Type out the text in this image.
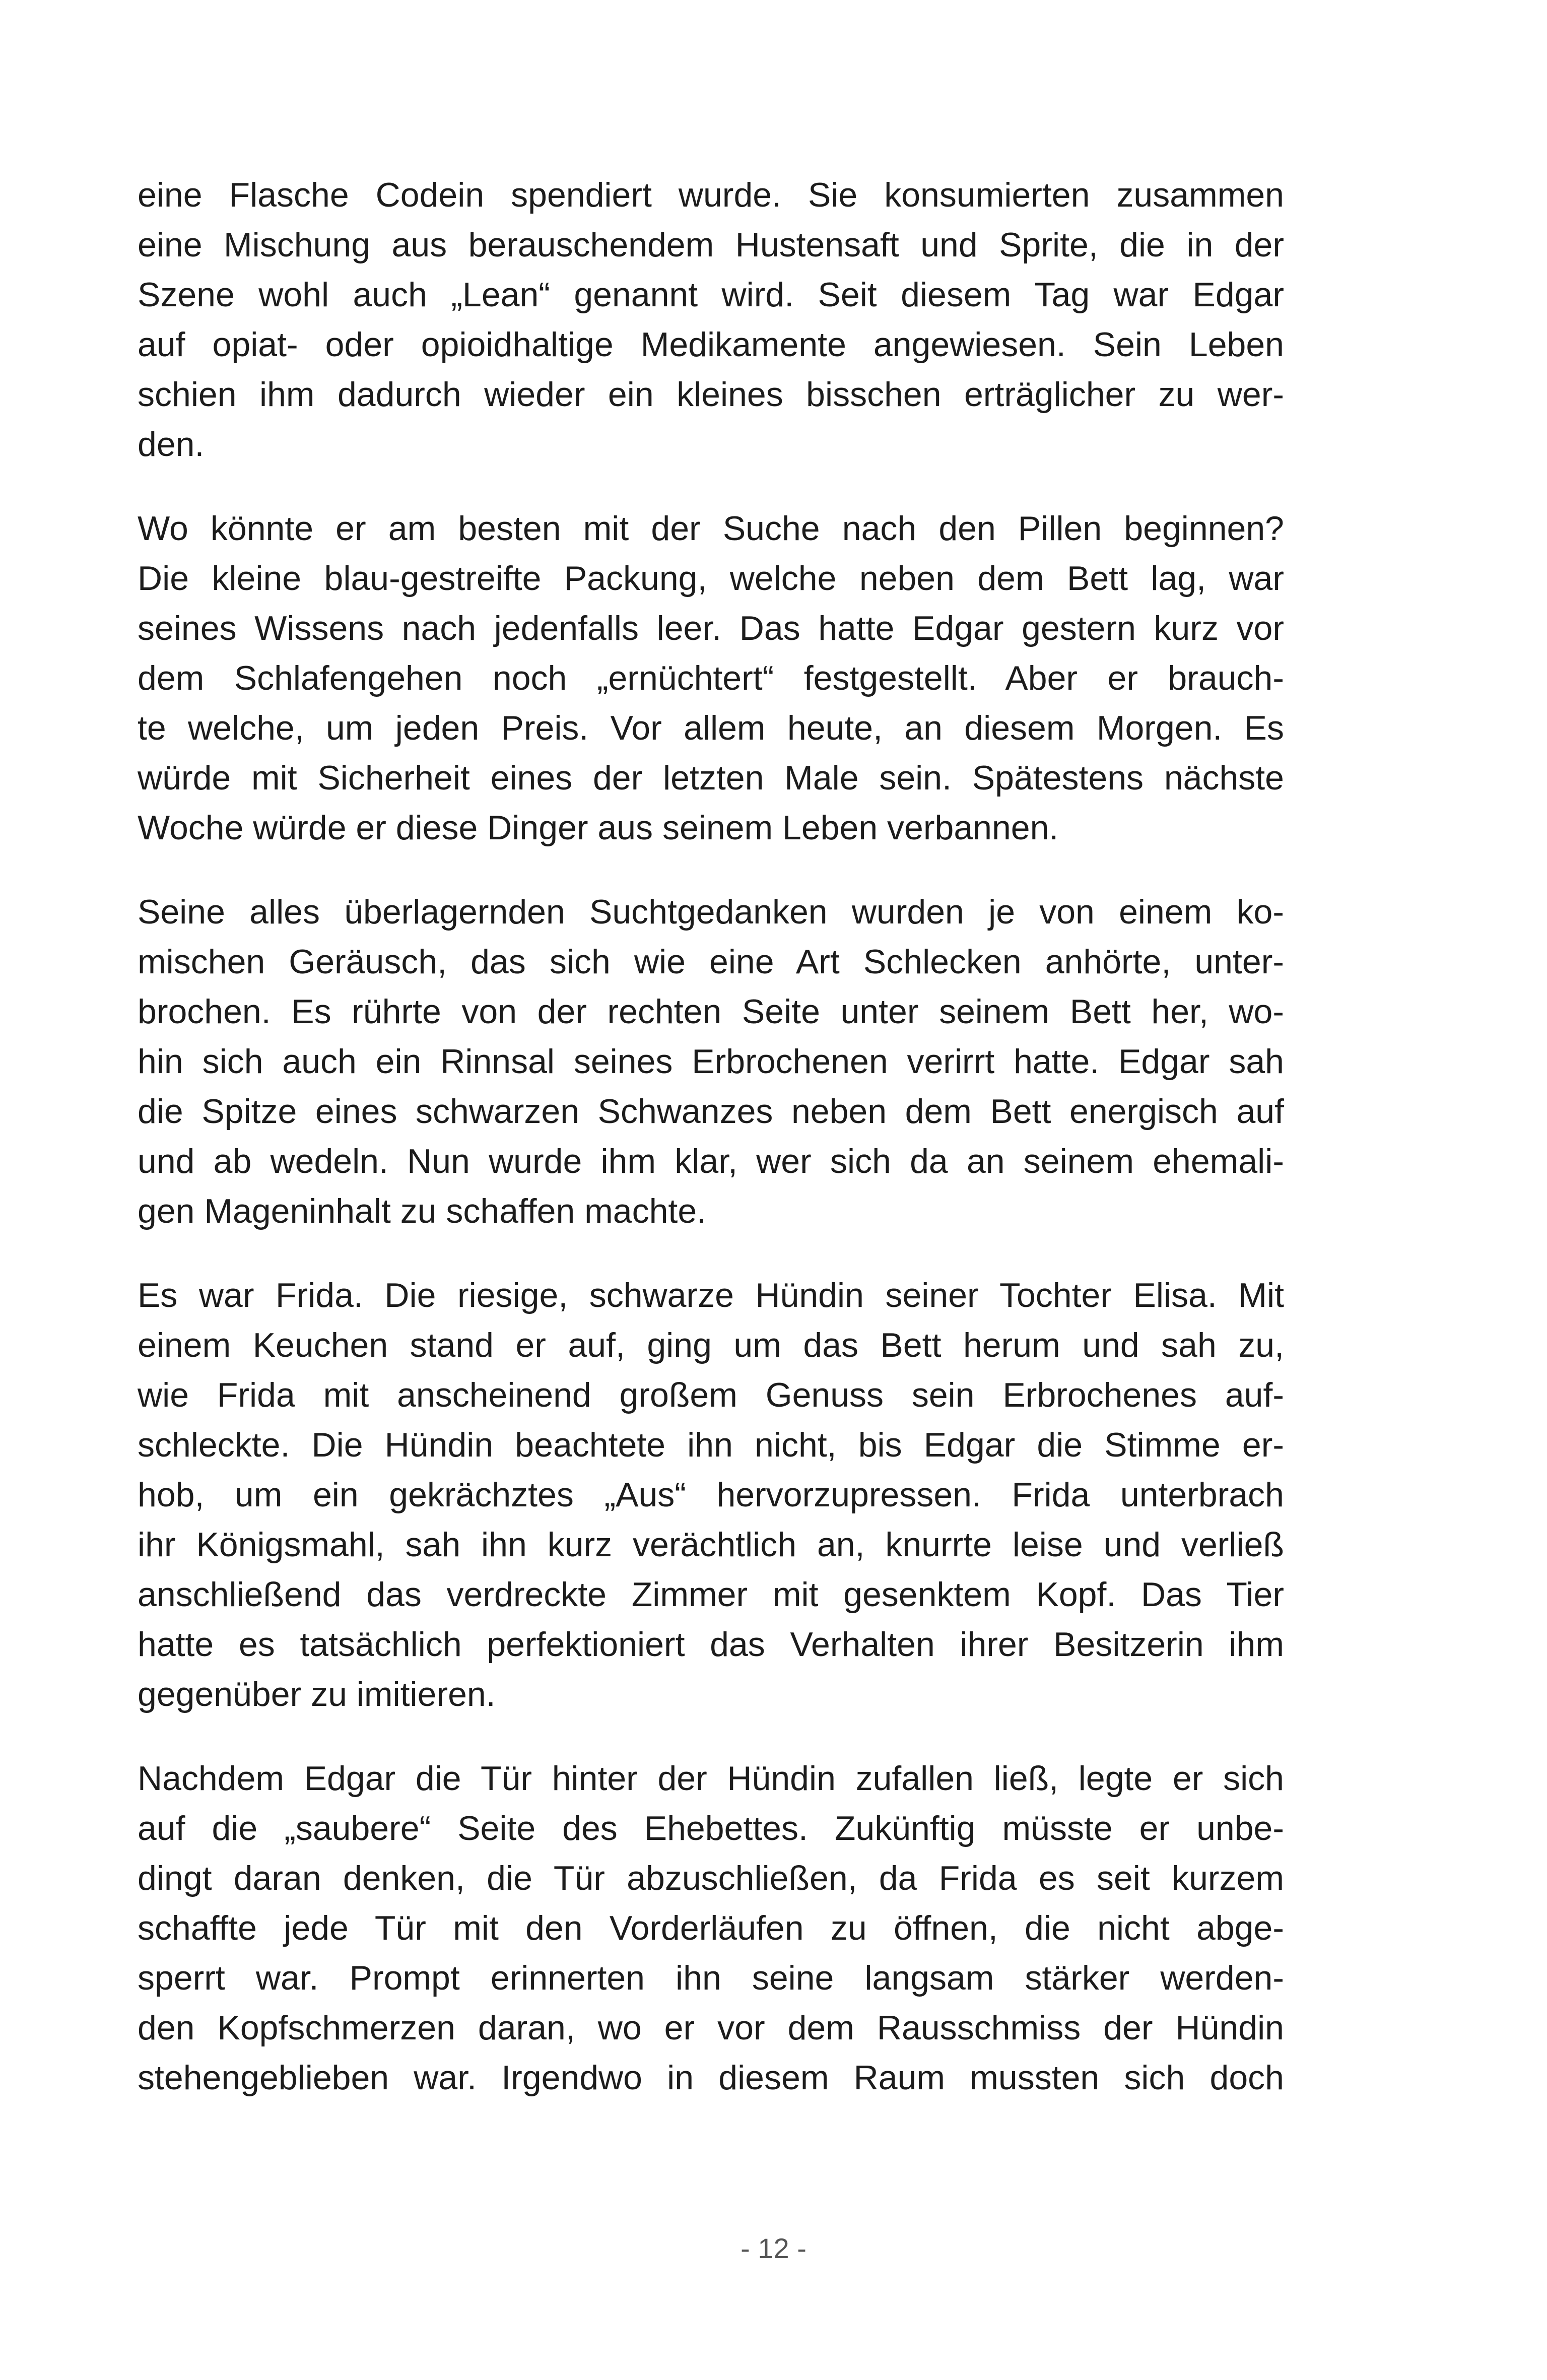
eine Flasche Codein spendiert wurde. Sie konsumierten zusammen
eine Mischung aus berauschendem Hustensaft und Sprite, die in der
Szene wohl auch „Lean“ genannt wird. Seit diesem Tag war Edgar
auf opiat- oder opioidhaltige Medikamente angewiesen. Sein Leben
schien ihm dadurch wieder ein kleines bisschen erträglicher zu wer-
den.
Wo könnte er am besten mit der Suche nach den Pillen beginnen?
Die kleine blau-gestreifte Packung, welche neben dem Bett lag, war
seines Wissens nach jedenfalls leer. Das hatte Edgar gestern kurz vor
dem Schlafengehen noch „ernüchtert“ festgestellt. Aber er brauch-
te welche, um jeden Preis. Vor allem heute, an diesem Morgen. Es
würde mit Sicherheit eines der letzten Male sein. Spätestens nächste
Woche würde er diese Dinger aus seinem Leben verbannen.
Seine alles überlagernden Suchtgedanken wurden je von einem ko-
mischen Geräusch, das sich wie eine Art Schlecken anhörte, unter-
brochen. Es rührte von der rechten Seite unter seinem Bett her, wo-
hin sich auch ein Rinnsal seines Erbrochenen verirrt hatte. Edgar sah
die Spitze eines schwarzen Schwanzes neben dem Bett energisch auf
und ab wedeln. Nun wurde ihm klar, wer sich da an seinem ehemali-
gen Mageninhalt zu schaffen machte.
Es war Frida. Die riesige, schwarze Hündin seiner Tochter Elisa. Mit
einem Keuchen stand er auf, ging um das Bett herum und sah zu,
wie Frida mit anscheinend großem Genuss sein Erbrochenes auf-
schleckte. Die Hündin beachtete ihn nicht, bis Edgar die Stimme er-
hob, um ein gekrächztes „Aus“ hervorzupressen. Frida unterbrach
ihr Königsmahl, sah ihn kurz verächtlich an, knurrte leise und verließ
anschließend das verdreckte Zimmer mit gesenktem Kopf. Das Tier
hatte es tatsächlich perfektioniert das Verhalten ihrer Besitzerin ihm
gegenüber zu imitieren.
Nachdem Edgar die Tür hinter der Hündin zufallen ließ, legte er sich
auf die „saubere“ Seite des Ehebettes. Zukünftig müsste er unbe-
dingt daran denken, die Tür abzuschließen, da Frida es seit kurzem
schaffte jede Tür mit den Vorderläufen zu öffnen, die nicht abge-
sperrt war. Prompt erinnerten ihn seine langsam stärker werden-
den Kopfschmerzen daran, wo er vor dem Rausschmiss der Hündin
stehengeblieben war. Irgendwo in diesem Raum mussten sich doch
- 12 -
